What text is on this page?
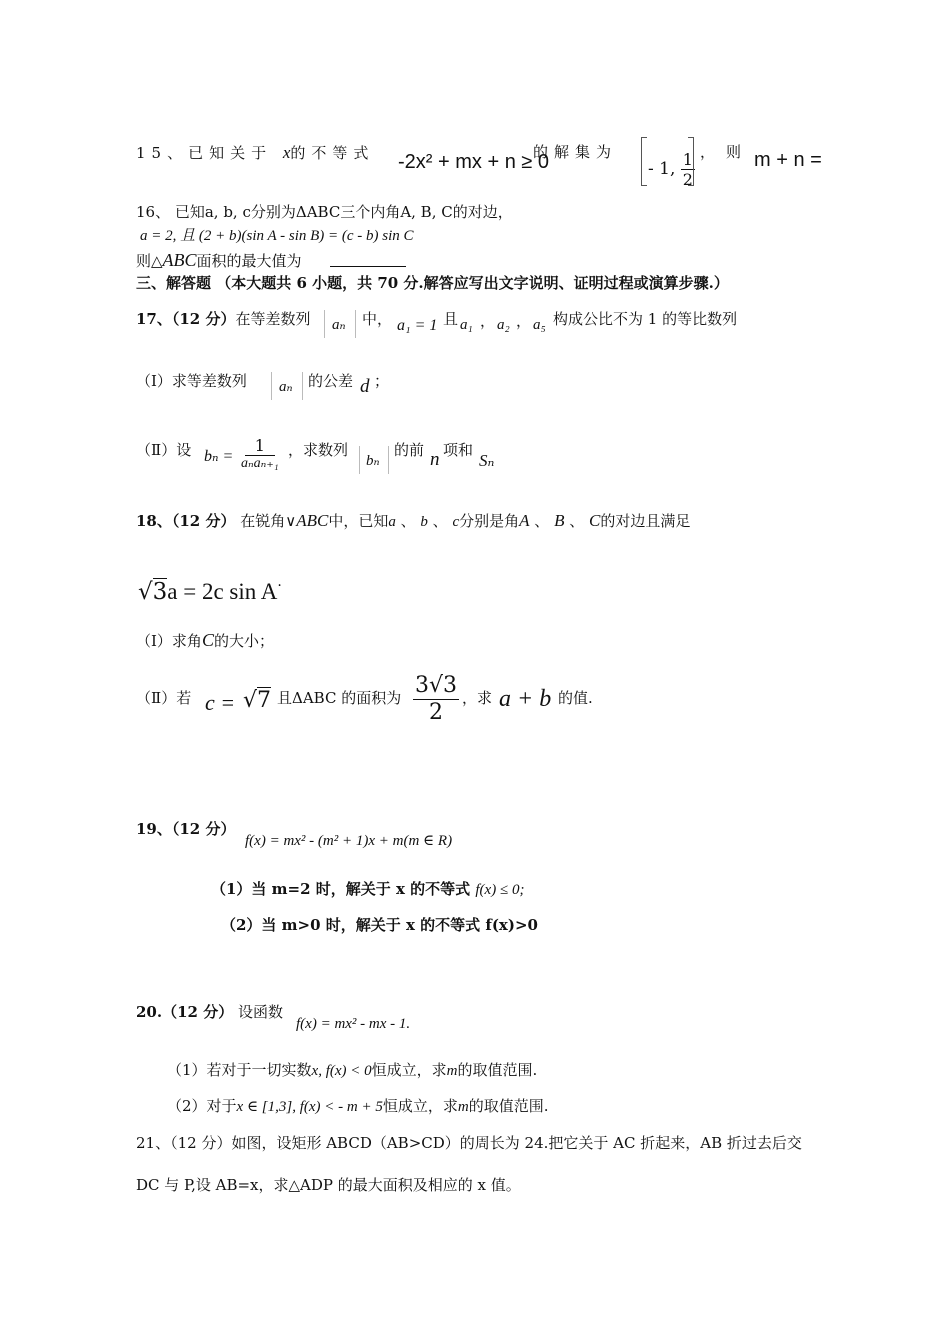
15、已知关于 x的不等式 -2x² + mx + n ≥ 0
的解集为
- 1, $\frac{1}{2}$ ， 则 m + n =
16、 已知a, b, c分别为ΔABC三个内角A, B, C的对边，
a = 2, 且 (2 + b)(sin A - sin B) = (c - b) sin C
则△ABC面积的最大值为
三、解答题 （本大题共 6 小题，共 70 分.解答应写出文字说明、证明过程或演算步骤.）
17、（12 分）在等差数列 aₙ 中， a₁ = 1 且 a₁ ， a₂ ， a₅ 构成公比不为 1 的等比数列
（Ⅰ）求等差数列 aₙ 的公差 d ；
（Ⅱ）设 $b_n = \frac{1}{\text{aₙaₙ₊₁}}$ ，求数列
bₙ
的前 n 项和
Sₙ
18、（12 分） 在锐角∨ABC中，已知a 、 b 、 c分别是角A 、 B 、 C的对边且满足
√3a = 2c sin A·
（Ⅰ）求角C的大小；
（Ⅱ）若 c = √7 且ΔABC 的面积为 $\frac{3√3}{2}$ ，求 a + b 的值.
19、（12 分）
f(x) = mx² - (m² + 1)x + m(m ∈ R)
（1）当 m=2 时，解关于 x 的不等式 f(x) ≤ 0;
（2）当 m>0 时，解关于 x 的不等式 f(x)>0
20.（12 分） 设函数
f(x) = mx² - mx - 1.
（1）若对于一切实数x, f(x) < 0恒成立，求m的取值范围.
（2）对于x ∈ [1,3], f(x) < - m + 5恒成立，求m的取值范围.
21、（12 分）如图，设矩形 ABCD（AB>CD）的周长为 24.把它关于 AC 折起来，AB 折过去后交
DC 与 P,设 AB=x，求△ADP 的最大面积及相应的 x 值。
